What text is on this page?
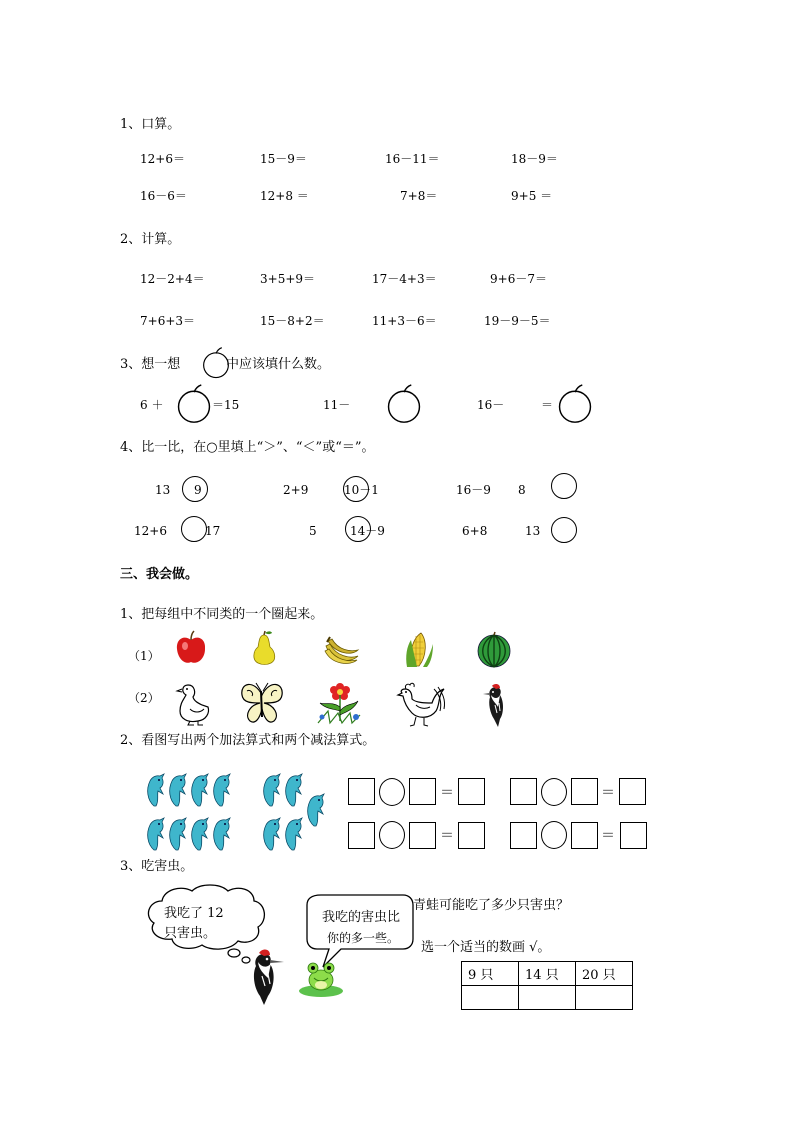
1、口算。
12+6＝	15－9＝	16－11＝	18－9＝
16－6＝	12+8 ＝	7+8＝	9+5 ＝
2、计算。
12－2+4＝	3+5+9＝	17－4+3＝	9+6－7＝
7+6+3＝	15－8+2＝	11+3－6＝	19－9－5＝
3、想一想	中应该填什么数。
6 ＋	＝15	11－	16－	＝
4、比一比，在○里填上“＞”、“＜”或“＝”。
13 9	2+9	10－1	16－9 8
12+6	17	5	14－9	6+8	13
三、我会做。
1、把每组中不同类的一个圈起来。
（1）
（2）
2、看图写出两个加法算式和两个减法算式。
＝	＝
＝	＝
3、吃害虫。
我吃了 12
只害虫。
我吃的害虫比
你的多一些。
青蛙可能吃了多少只害虫？
选一个适当的数画 √。
9 只	14 只	20 只
